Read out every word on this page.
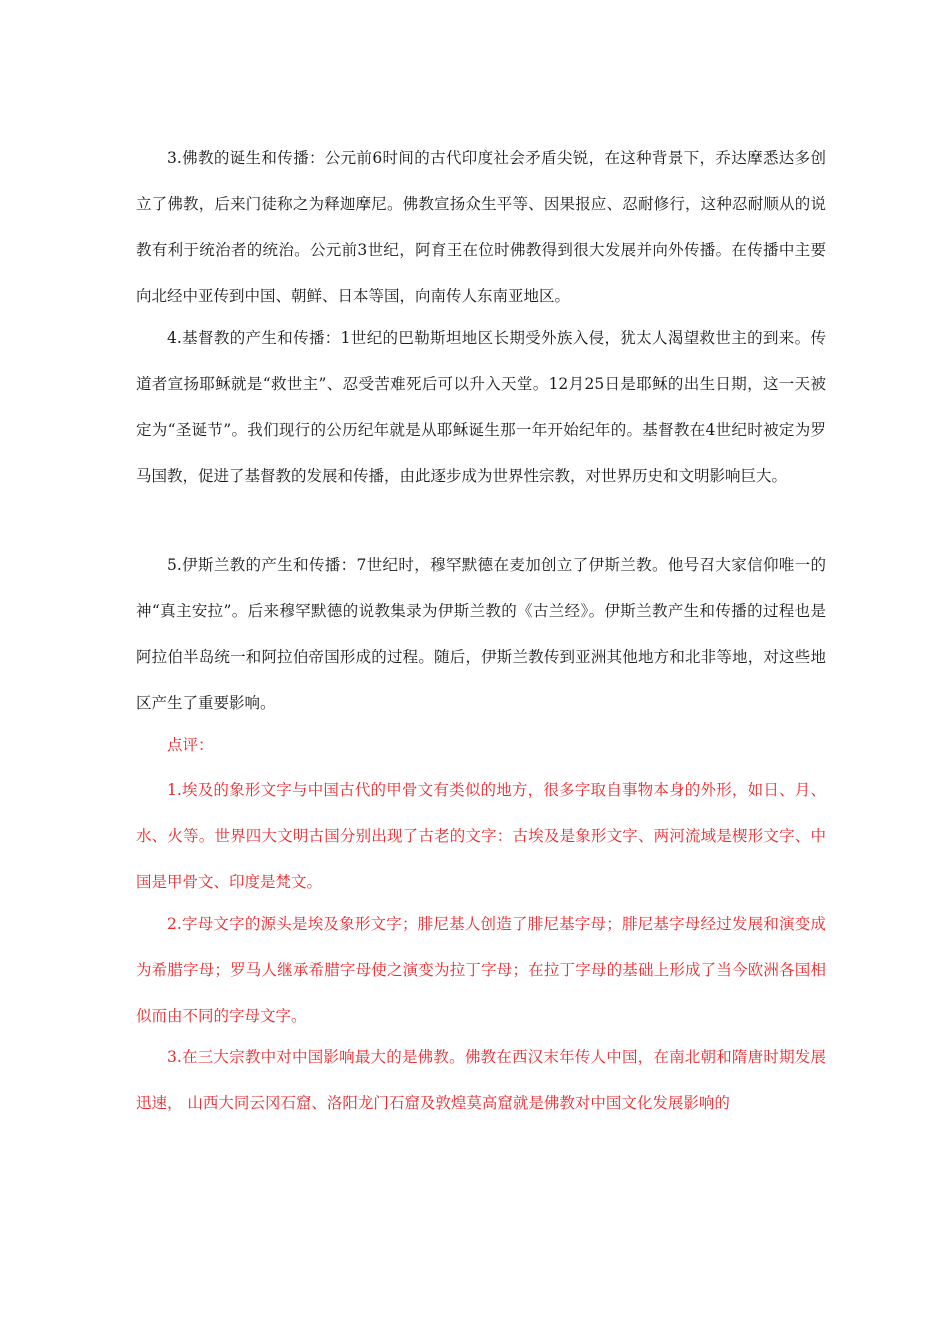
3.佛教的诞生和传播：公元前6时间的古代印度社会矛盾尖锐，在这种背景下，乔达摩悉达多创立了佛教，后来门徒称之为释迦摩尼。佛教宣扬众生平等、因果报应、忍耐修行，这种忍耐顺从的说教有利于统治者的统治。公元前3世纪，阿育王在位时佛教得到很大发展并向外传播。在传播中主要向北经中亚传到中国、朝鲜、日本等国，向南传人东南亚地区。

4.基督教的产生和传播：1世纪的巴勒斯坦地区长期受外族入侵，犹太人渴望救世主的到来。传道者宣扬耶稣就是“救世主”、忍受苦难死后可以升入天堂。12月25日是耶稣的出生日期，这一天被定为“圣诞节”。我们现行的公历纪年就是从耶稣诞生那一年开始纪年的。基督教在4世纪时被定为罗马国教，促进了基督教的发展和传播，由此逐步成为世界性宗教，对世界历史和文明影响巨大。

5.伊斯兰教的产生和传播：7世纪时，穆罕默德在麦加创立了伊斯兰教。他号召大家信仰唯一的神“真主安拉”。后来穆罕默德的说教集录为伊斯兰教的《古兰经》。伊斯兰教产生和传播的过程也是阿拉伯半岛统一和阿拉伯帝国形成的过程。随后，伊斯兰教传到亚洲其他地方和北非等地，对这些地区产生了重要影响。

点评：

1.埃及的象形文字与中国古代的甲骨文有类似的地方，很多字取自事物本身的外形，如日、月、水、火等。世界四大文明古国分别出现了古老的文字：古埃及是象形文字、两河流域是楔形文字、中国是甲骨文、印度是梵文。

2.字母文字的源头是埃及象形文字；腓尼基人创造了腓尼基字母；腓尼基字母经过发展和演变成为希腊字母；罗马人继承希腊字母使之演变为拉丁字母；在拉丁字母的基础上形成了当今欧洲各国相似而由不同的字母文字。

3.在三大宗教中对中国影响最大的是佛教。佛教在西汉末年传人中国，在南北朝和隋唐时期发展迅速， 山西大同云冈石窟、洛阳龙门石窟及敦煌莫高窟就是佛教对中国文化发展影响的
